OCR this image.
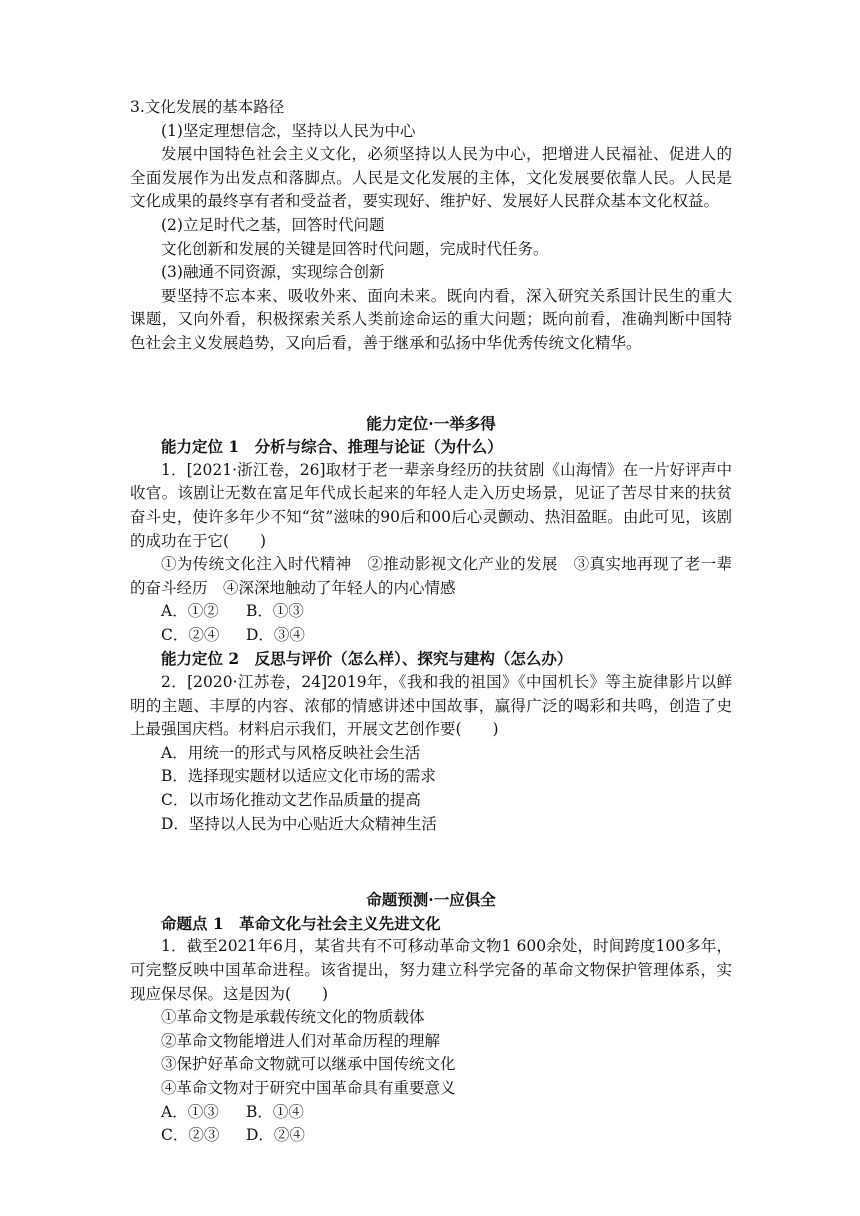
3.文化发展的基本路径
(1)坚定理想信念，坚持以人民为中心
发展中国特色社会主义文化，必须坚持以人民为中心，把增进人民福祉、促进人的全面发展作为出发点和落脚点。人民是文化发展的主体，文化发展要依靠人民。人民是文化成果的最终享有者和受益者，要实现好、维护好、发展好人民群众基本文化权益。
(2)立足时代之基，回答时代问题
文化创新和发展的关键是回答时代问题，完成时代任务。
(3)融通不同资源，实现综合创新
要坚持不忘本来、吸收外来、面向未来。既向内看，深入研究关系国计民生的重大课题，又向外看，积极探索关系人类前途命运的重大问题；既向前看，准确判断中国特色社会主义发展趋势，又向后看，善于继承和弘扬中华优秀传统文化精华。
能力定位·一举多得
能力定位 1　分析与综合、推理与论证（为什么）
1．[2021·浙江卷，26]取材于老一辈亲身经历的扶贫剧《山海情》在一片好评声中收官。该剧让无数在富足年代成长起来的年轻人走入历史场景，见证了苦尽甘来的扶贫奋斗史，使许多年少不知“贫”滋味的90后和00后心灵颤动、热泪盈眶。由此可见，该剧的成功在于它(　　)
①为传统文化注入时代精神　②推动影视文化产业的发展　③真实地再现了老一辈的奋斗经历　④深深地触动了年轻人的内心情感
A．①② B．①③
C．②④ D．③④
能力定位 2　反思与评价（怎么样）、探究与建构（怎么办）
2．[2020·江苏卷，24]2019年，《我和我的祖国》《中国机长》等主旋律影片以鲜明的主题、丰厚的内容、浓郁的情感讲述中国故事，赢得广泛的喝彩和共鸣，创造了史上最强国庆档。材料启示我们，开展文艺创作要(　　)
A．用统一的形式与风格反映社会生活
B．选择现实题材以适应文化市场的需求
C．以市场化推动文艺作品质量的提高
D．坚持以人民为中心贴近大众精神生活
命题预测·一应俱全
命题点 1　革命文化与社会主义先进文化
1．截至2021年6月，某省共有不可移动革命文物1 600余处，时间跨度100多年，可完整反映中国革命进程。该省提出，努力建立科学完备的革命文物保护管理体系，实现应保尽保。这是因为(　　)
①革命文物是承载传统文化的物质载体
②革命文物能增进人们对革命历程的理解
③保护好革命文物就可以继承中国传统文化
④革命文物对于研究中国革命具有重要意义
A．①③ B．①④
C．②③ D．②④
